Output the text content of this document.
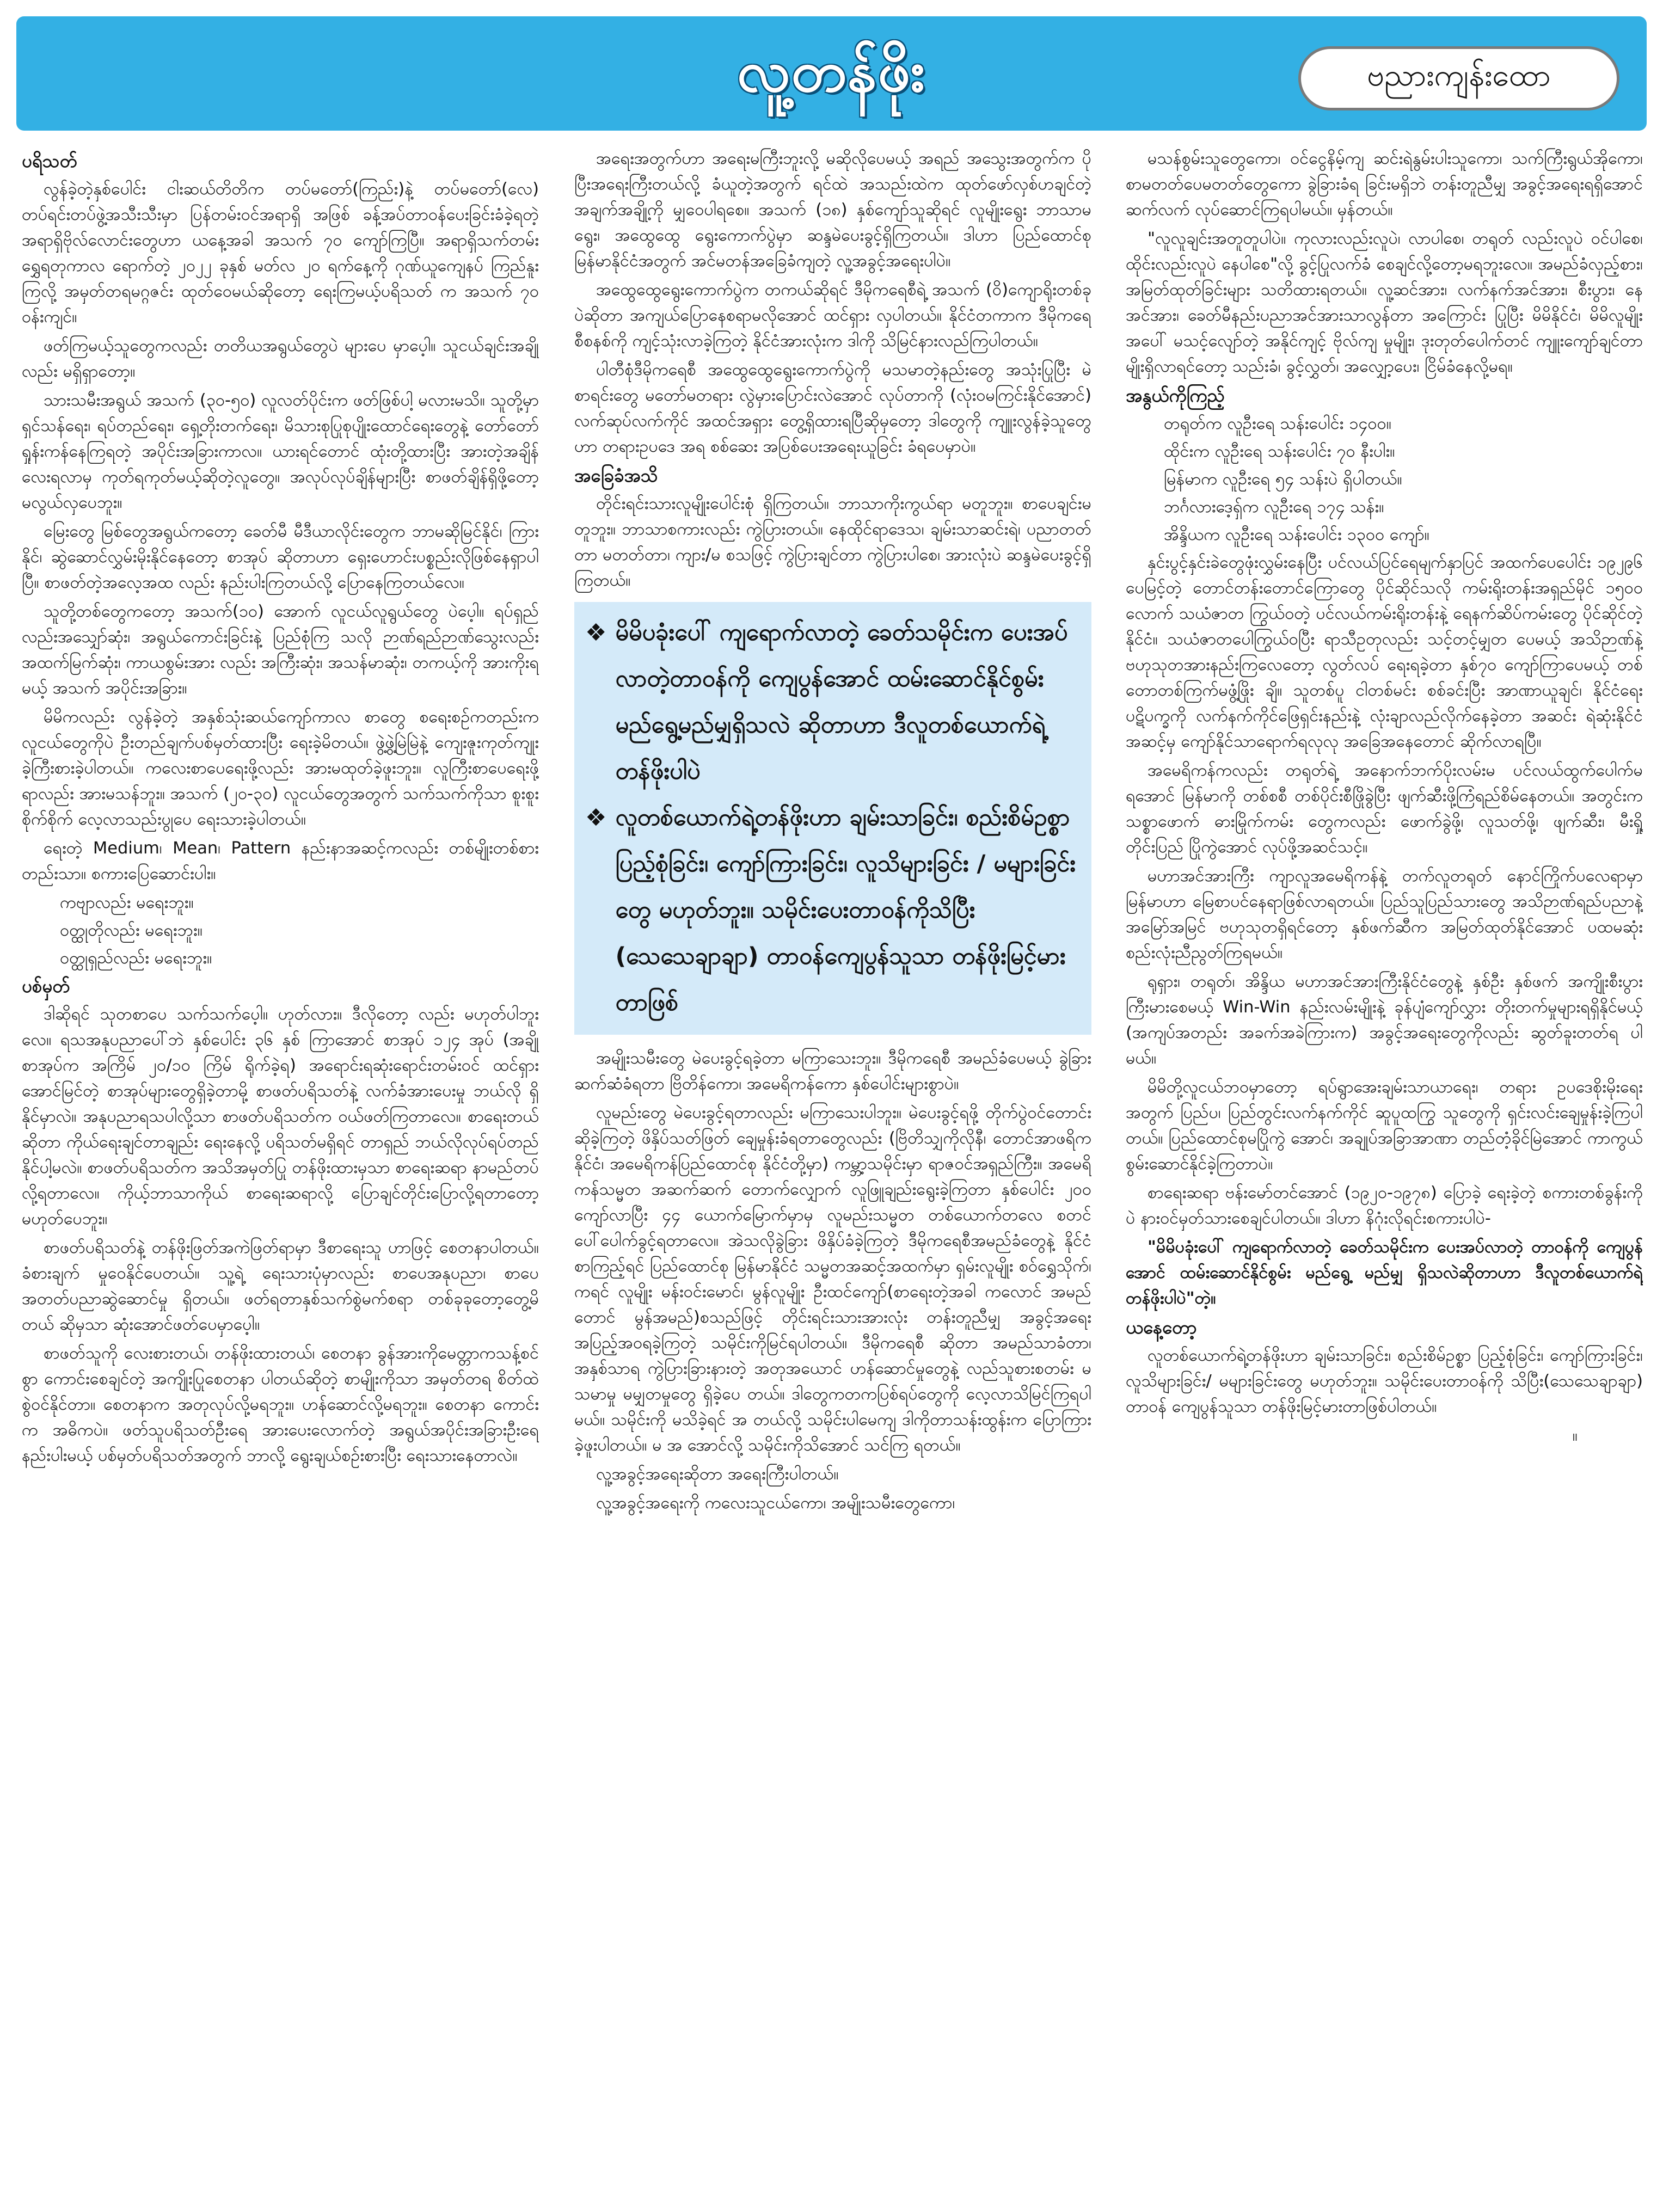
လူ့တန်ဖိုး	ဗညားကျန်းထော
ပရိသတ်

လွန်ခဲ့တဲ့နှစ်ပေါင်း ငါးဆယ်တိတိက တပ်မတော်(ကြည်း)နဲ့ တပ်မတော်(လေ) တပ်ရင်းတပ်ဖွဲ့အသီးသီးမှာ ပြန်တမ်းဝင်အရာရှိ အဖြစ် ခန့်အပ်တာဝန်ပေးခြင်းခံခဲ့ရတဲ့ အရာရှိဗိုလ်လောင်းတွေဟာ ယနေ့အခါ အသက် ၇၀ ကျော်ကြပြီ။ အရာရှိသက်တမ်း ရွှေရတုကာလ ရောက်တဲ့ ၂၀၂၂ ခုနှစ် မတ်လ ၂၀ ရက်နေ့ကို ဂုဏ်ယူကျေနပ် ကြည်နူး ကြလို့ အမှတ်တရမဂ္ဂဇင်း ထုတ်ဝေမယ်ဆိုတော့ ရေးကြမယ့်ပရိသတ် က အသက် ၇၀ ဝန်းကျင်။

ဖတ်ကြမယ့်သူတွေကလည်း တတိယအရွယ်တွေပဲ များပေ မှာပေ့ါ။ သူငယ်ချင်းအချို့လည်း မရှိရှာတော့။

သားသမီးအရွယ် အသက် (၃၀-၅၀) လူလတ်ပိုင်းက ဖတ်ဖြစ်ပါ့ မလားမသိ။ သူတို့မှာ ရှင်သန်ရေး၊ ရပ်တည်ရေး၊ ရှေ့တိုးတက်ရေး၊ မိသားစုပြုစုပျိုးထောင်ရေးတွေနဲ့ တော်တော်ရှုန်းကန်နေကြရတဲ့ အပိုင်းအခြားကာလ။ ယားရင်တောင် ထုံးတို့ထားပြီး အားတဲ့အချိန် လေးရလာမှ ကုတ်ရကုတ်မယ့်ဆိုတဲ့လူတွေ။ အလုပ်လုပ်ချိန်များပြီး စာဖတ်ချိန်ရှိဖို့တော့ မလွယ်လှပေဘူး။

မြေးတွေ မြစ်တွေအရွယ်ကတော့ ခေတ်မီ မီဒီယာလိုင်းတွေက ဘာမဆိုမြင်နိုင်၊ ကြားနိုင်၊ ဆွဲဆောင်လွှမ်းမိုးနိုင်နေတော့ စာအုပ် ဆိုတာဟာ ရှေးဟောင်းပစ္စည်းလိုဖြစ်နေရှာပါပြီ။ စာဖတ်တဲ့အလေ့အထ လည်း နည်းပါးကြတယ်လို့ ပြောနေကြတယ်လေ။

သူတို့တစ်တွေကတော့ အသက်(၁၀) အောက် လူငယ်လူရွယ်တွေ ပဲပေ့ါ။ ရပ်ရှည်လည်းအသျှော်ဆုံး၊ အရွယ်ကောင်းခြင်းနဲ့ ပြည်စုံကြ သလို ဉာဏ်ရည်ဉာဏ်သွေးလည်း အထက်မြက်ဆုံး၊ ကာယစွမ်းအား လည်း အကြီးဆုံး၊ အသန်မာဆုံး၊ တကယ့်ကို အားကိုးရမယ့် အသက် အပိုင်းအခြား။

မိမိကလည်း လွန်ခဲ့တဲ့ အနှစ်သုံးဆယ်ကျော်ကာလ စာတွေ စရေးစဉ်ကတည်းက လူငယ်တွေကိုပဲ ဦးတည်ချက်ပစ်မှတ်ထားပြီး ရေးခဲ့မိတယ်။ ဖွဲ့ဖွဲ့မြဲမြဲနဲ့ ကျေးဇူးကုတ်ကျုးခဲ့ကြီးစားခဲ့ပါတယ်။ ကလေးစာပေရေးဖို့လည်း အားမထုတ်ခဲ့ဖူးဘူး။ လူကြီးစာပေရေးဖို့ ရာလည်း အားမသန်ဘူး။ အသက် (၂၀-၃၀) လူငယ်တွေအတွက် သက်သက်ကိုသာ စူးစူးစိုက်စိုက် လေ့လာသည်းပွုပေ ရေးသားခဲ့ပါတယ်။

ရေးတဲ့ Medium၊ Mean၊ Pattern နည်းနာအဆင့်ကလည်း တစ်မျိုးတစ်စားတည်းသာ။ စကားပြေဆောင်းပါး။

ကဗျာလည်း မရေးဘူး။

ဝတ္ထုတိုလည်း မရေးဘူး။

ဝတ္ထုရှည်လည်း မရေးဘူး။

ပစ်မှတ်

ဒါဆိုရင် သုတစာပေ သက်သက်ပေ့ါ။ ဟုတ်လား။ ဒီလိုတော့ လည်း မဟုတ်ပါဘူးလေ။ ရသအနုပညာပေါ်ဘဲ နှစ်ပေါင်း ၃၆ နှစ် ကြာအောင် စာအုပ် ၁၂၄ အုပ် (အချို့စာအုပ်က အကြိမ် ၂၀/၁၀ ကြိမ် ရိုက်ခဲ့ရ) အရောင်းရဆုံးရောင်းတမ်းဝင် ထင်ရှားအောင်မြင်တဲ့ စာအုပ်များတွေရှိခဲ့တာမို့ စာဖတ်ပရိသတ်နဲ့ လက်ခံအားပေးမှု ဘယ်လို ရှိနိုင်မှာလဲ။ အနုပညာရသပါလို့သာ စာဖတ်ပရိသတ်က ဝယ်ဖတ်ကြတာလေ။ စာရေးတယ်ဆိုတာ ကိုယ်ရေးချင်တာချည်း ရေးနေလို့ ပရိသတ်မရှိရင် တာရှည် ဘယ်လိုလုပ်ရပ်တည်နိုင်ပါ့မလဲ။ စာဖတ်ပရိသတ်က အသိအမှတ်ပြု တန်ဖိုးထားမှသာ စာရေးဆရာ နာမည်တပ်လို့ရတာလေ။ ကိုယ့်ဘာသာကိုယ် စာရေးဆရာလို့ ပြောချင်တိုင်းပြောလို့ရတာတော့ မဟုတ်ပေဘူး။

စာဖတ်ပရိသတ်နဲ့ တန်ဖိုးဖြတ်အကဲဖြတ်ရာမှာ ဒီစာရေးသူ ဟာဖြင့် စေတနာပါတယ်။ ခံစားချက် မှုဝေနိုင်ပေတယ်။ သူ့ရဲ့ ရေးသားပုံမှာလည်း စာပေအနုပညာ၊ စာပေအတတ်ပညာဆွဲဆောင်မှု ရှိတယ်။ ဖတ်ရတာနှစ်သက်စွဲမက်စရာ တစ်ခုခုတော့တွေ့မိတယ် ဆိုမှသာ ဆုံးအောင်ဖတ်ပေမှာပေ့ါ။

စာဖတ်သူကို လေးစားတယ်၊ တန်ဖိုးထားတယ်၊ စေတနာ ခွန်အားကိုမေတ္တာကသန့်စင်စွာ ကောင်းစေချင်တဲ့ အကျိုးပြုစေတနာ ပါတယ်ဆိုတဲ့ စာမျိုးကိုသာ အမှတ်တရ စိတ်ထဲစွဲဝင်နိုင်တာ။ စေတနာက အတုလုပ်လို့မရဘူး။ ဟန်ဆောင်လို့မရဘူး။ စေတနာ ကောင်းက အဓိကပဲ။ ဖတ်သူပရိသတ်ဦးရေ အားပေးလောက်တဲ့ အရွယ်အပိုင်းအခြားဦးရေ နည်းပါးမယ့် ပစ်မှတ်ပရိသတ်အတွက် ဘာလို့ ရွေးချယ်စဉ်းစားပြီး ရေးသားနေတာလဲ။

အရေးအတွက်ဟာ အရေးမကြီးဘူးလို့ မဆိုလိုပေမယ့် အရည် အသွေးအတွက်က ပိုပြီးအရေးကြီးတယ်လို့ ခံယူတဲ့အတွက် ရင်ထဲ အသည်းထဲက ထုတ်ဖော်လှစ်ဟချင်တဲ့ အချက်အချို့ကို မျှဝေပါရစေ။ အသက် (၁၈) နှစ်ကျော်သူဆိုရင် လူမျိုးရွေး ဘာသာမရွေး၊ အထွေထွေ ရွေးကောက်ပွဲမှာ ဆန္ဒမဲပေးခွင့်ရှိကြတယ်။ ဒါဟာ ပြည်ထောင်စု မြန်မာနိုင်ငံအတွက် အင်မတန်အခြေခံကျတဲ့ လူ့အခွင့်အရေးပါပဲ။

အထွေထွေရွေးကောက်ပွဲက တကယ်ဆိုရင် ဒီမိုကရေစီရဲ့ အသက် (ဝိ)ကျောရိုးတစ်ခုပဲဆိုတာ အကျယ်ပြောနေစရာမလိုအောင် ထင်ရှား လှပါတယ်။ နိုင်ငံတကာက ဒီမိုကရေစီစနစ်ကို ကျင့်သုံးလာခဲ့ကြတဲ့ နိုင်ငံအားလုံးက ဒါကို သိမြင်နားလည်ကြပါတယ်။

ပါတီစုံဒီမိုကရေစီ အထွေထွေရွေးကောက်ပွဲကို မသမာတဲ့နည်းတွေ အသုံးပြုပြီး မဲစာရင်းတွေ မတော်မတရား လွဲမှားပြောင်းလဲအောင် လုပ်တာကို (လုံးဝမကြင်းနိုင်အောင်) လက်ဆုပ်လက်ကိုင် အထင်အရှား တွေ့ရှိထားရပြီဆိုမှတော့ ဒါတွေကို ကျူးလွန်ခဲ့သူတွေဟာ တရားဥပဒေ အရ စစ်ဆေး အပြစ်ပေးအရေးယူခြင်း ခံရပေမှာပဲ။

အခြေခံအသိ

တိုင်းရင်းသားလူမျိုးပေါင်းစုံ ရှိကြတယ်။ ဘာသာကိုးကွယ်ရာ မတူဘူး။ စာပေချင်းမတူဘူး။ ဘာသာစကားလည်း ကွဲပြားတယ်။ နေထိုင်ရာဒေသ၊ ချမ်းသာဆင်းရဲ၊ ပညာတတ်တာ မတတ်တာ၊ ကျား/မ စသဖြင့် ကွဲပြားချင်တာ ကွဲပြားပါစေ၊ အားလုံးပဲ ဆန္ဒမဲပေးခွင့်ရှိကြတယ်။

❖ မိမိပခုံးပေါ် ကျရောက်လာတဲ့ ခေတ်သမိုင်းက ပေးအပ်လာတဲ့တာဝန်ကို ကျေပွန်အောင် ထမ်းဆောင်နိုင်စွမ်း မည်ရွေ့မည်မျှရှိသလဲ ဆိုတာဟာ ဒီလူတစ်ယောက်ရဲ့ တန်ဖိုးပါပဲ
❖ လူတစ်ယောက်ရဲ့တန်ဖိုးဟာ ချမ်းသာခြင်း၊ စည်းစိမ်ဥစ္စာ ပြည့်စုံခြင်း၊ ကျော်ကြားခြင်း၊ လူသိများခြင်း / မများခြင်းတွေ မဟုတ်ဘူး။ သမိုင်းပေးတာဝန်ကိုသိပြီး (သေသေချာချာ) တာဝန်ကျေပွန်သူသာ တန်ဖိုးမြင့်မားတာဖြစ်

အမျိုးသမီးတွေ မဲပေးခွင့်ရခဲ့တာ မကြာသေးဘူး။ ဒီမိုကရေစီ အမည်ခံပေမယ့် ခွဲခြားဆက်ဆံခံရတာ ဗြိတိန်ကော၊ အမေရိကန်ကော နှစ်ပေါင်းများစွာပဲ။

လူမည်းတွေ မဲပေးခွင့်ရတာလည်း မကြာသေးပါဘူး။ မဲပေးခွင့်ရဖို့ တိုက်ပွဲဝင်တောင်းဆိုခဲ့ကြတဲ့ ဖိနှိပ်သတ်ဖြတ် ချေမှုန်းခံရတာတွေလည်း (ဗြိတိသျှကိုလိုနီ၊ တောင်အာဖရိကနိုင်ငံ၊ အမေရိကန်ပြည်ထောင်စု နိုင်ငံတို့မှာ) ကမ္ဘာ့သမိုင်းမှာ ရာဇဝင်အရှည်ကြီး။ အမေရိကန်သမ္မတ အဆက်ဆက် တောက်လျှောက် လူဖြူချည်းရွေးခဲ့ကြတာ နှစ်ပေါင်း ၂၀၀ ကျော်လာပြီး ၄၄ ယောက်မြောက်မှာမှ လူမည်းသမ္မတ တစ်ယောက်တလေ စတင်ပေါ်ပေါက်ခွင့်ရတာလေ။ အဲသလိုခွဲခြား ဖိနှိပ်ခံခဲ့ကြတဲ့ ဒီမိုကရေစီအမည်ခံတွေနဲ့ နိုင်ငံစာကြည့်ရင် ပြည်ထောင်စု မြန်မာနိုင်ငံ သမ္မတအဆင့်အထက်မှာ ရှမ်းလူမျိုး စဝ်ရွှေသိုက်၊ ကရင် လူမျိုး မန်းဝင်းမောင်၊ မွန်လူမျိုး ဦးထင်ကျော်(စာရေးတဲ့အခါ ကလောင် အမည်တောင် မွန်အမည်)စသည်ဖြင့် တိုင်းရင်းသားအားလုံး တန်းတူညီမျှ အခွင့်အရေးအပြည့်အဝရခဲ့ကြတဲ့ သမိုင်းကိုမြင်ရပါတယ်။ ဒီမိုကရေစီ ဆိုတာ အမည်သာခံတာ၊ အနှစ်သာရ ကွဲပြားခြားနားတဲ့ အတုအယောင် ဟန်ဆောင်မှုတွေနဲ့ လည်သူစားစတမ်း မသမာမှု မမျှတမှုတွေ ရှိခဲ့ပေ တယ်။ ဒါတွေကတကပြစ်ရပ်တွေကို လေ့လာသိမြင်ကြရပါမယ်။ သမိုင်းကို မသိခဲ့ရင် အ တယ်လို့ သမိုင်းပါမေကျ ဒါကိုတာသန်းထွန်းက ပြောကြားခဲ့ဖူးပါတယ်။ မ အ အောင်လို့ သမိုင်းကိုသိအောင် သင်ကြ ရတယ်။

လူ့အခွင့်အရေးဆိုတာ အရေးကြီးပါတယ်။

လူ့အခွင့်အရေးကို ကလေးသူငယ်ကော၊ အမျိုးသမီးတွေကော၊

မသန်စွမ်းသူတွေကော၊ ဝင်ငွေနိမ့်ကျ ဆင်းရဲနွမ်းပါးသူကော၊ သက်ကြီးရွယ်အိုကော၊ စာမတတ်ပေမတတ်တွေကော ခွဲခြားခံရ ခြင်းမရှိဘဲ တန်းတူညီမျှ အခွင့်အရေးရရှိအောင် ဆက်လက် လုပ်ဆောင်ကြရပါမယ်။ မှန်တယ်။

"လူလူချင်းအတူတူပါပဲ။ ကုလားလည်းလူပဲ၊ လာပါစေ၊ တရုတ် လည်းလူပဲ ဝင်ပါစေ၊ ထိုင်းလည်းလူပဲ နေပါစေ"လို့ ခွင့်ပြုလက်ခံ စေချင်လို့တော့မရဘူးလေ။ အမည်ခံလှည့်စား၊ အမြတ်ထုတ်ခြင်းများ သတိထားရတယ်။ လူ့ဆင်အား၊ လက်နက်အင်အား၊ စီးပွား၊ နေအင်အား၊ ခေတ်မီနည်းပညာအင်အားသာလွန်တာ အကြောင်း ပြုပြီး မိမိနိုင်ငံ၊ မိမိလူမျိုးအပေါ် မသင့်လျော်တဲ့ အနိုင်ကျင့် ဗိုလ်ကျ မှုမျိုး၊ ဒုးတုတ်ပေါက်တင် ကျူးကျော်ချင်တာမျိုးရှိလာရင်တော့ သည်းခံ၊ ခွင့်လွှတ်၊ အလျှော့ပေး၊ ငြိမ်ခံနေလို့မရ။

အနွယ်ကိုကြည့်

တရုတ်က လူဦးရေ သန်းပေါင်း ၁၄၀၀။

ထိုင်းက လူဦးရေ သန်းပေါင်း ၇၀ နီးပါး။

မြန်မာက လူဦးရေ ၅၄ သန်းပဲ ရှိပါတယ်။

ဘင်္ဂလားဒေ့ရှ်က လူဦးရေ ၁၇၄ သန်း။

အိန္ဒိယက လူဦးရေ သန်းပေါင်း ၁၃၀၀ ကျော်။

နှင်းပွင့်နှင်းခဲတွေဖုံးလွှမ်းနေပြီး ပင်လယ်ပြင်ရေမျက်နှာပြင် အထက်ပေပေါင်း ၁၉၂၉၆ ပေမြင့်တဲ့ တောင်တန်းတောင်ကြောတွေ ပိုင်ဆိုင်သလို ကမ်းရိုးတန်းအရှည်မိုင် ၁၅၀၀ လောက် သယံဇာတ ကြွယ်ဝတဲ့ ပင်လယ်ကမ်းရိုးတန်းနဲ့ ရေနက်ဆိပ်ကမ်းတွေ ပိုင်ဆိုင်တဲ့ နိုင်ငံ။ သယံဇာတပေါကြွယ်ဝပြီး ရာသီဥတုလည်း သင့်တင့်မျှတ ပေမယ့် အသိဉာဏ်နဲ့ ဗဟုသုတအားနည်းကြလေတော့ လွတ်လပ် ရေးရခဲ့တာ နှစ်၇၀ ကျော်ကြာပေမယ့် တစ်တောတစ်ကြက်မဖွံ့ဖြိုး ချိ။ သူတစ်ပူ ငါတစ်မင်း စစ်ခင်းပြီး အာဏာယူချင်၊ နိုင်ငံရေးပဋိပက္ခကို လက်နက်ကိုင်ဖြေရှင်းနည်းနဲ့ လုံးချာလည်လိုက်နေခဲ့တာ အဆင်း ရဲဆုံးနိုင်ငံအဆင့်မှ ကျော်နိုင်သာရောက်ရလုလု အခြေအနေတောင် ဆိုက်လာရပြီ။

အမေရိကန်ကလည်း တရုတ်ရဲ့ အနောက်ဘက်ပိုးလမ်းမ ပင်လယ်ထွက်ပေါက်မရအောင် မြန်မာကို တစ်စစီ တစ်ပိုင်းစီဖြိုခွဲပြီး ဖျက်ဆီးဖို့ကြံရည်စိမ်နေတယ်။ အတွင်းက သစ္စာဖောက် ဓားမြိုက်ကမ်း တွေကလည်း ဖောက်ခွဲဖို့၊ လူသတ်ဖို့၊ ဖျက်ဆီး၊ မီးရှို့ တိုင်းပြည် ပြိုကွဲအောင် လုပ်ဖို့အဆင်သင့်။

မဟာအင်အားကြီး ကျာလူအမေရိကန်နဲ့ တက်လူတရုတ် နောင်ကြိုက်ပလေရာမှာ မြန်မာဟာ မြေစာပင်နေရာဖြစ်လာရတယ်။ ပြည်သူပြည်သားတွေ အသိဉာဏ်ရည်ပညာနဲ့ အမြော်အမြင် ဗဟုသုတရှိရင်တော့ နှစ်ဖက်ဆီက အမြတ်ထုတ်နိုင်အောင် ပထမဆုံး စည်းလုံးညီညွတ်ကြရမယ်။

ရုရှား၊ တရုတ်၊ အိန္ဒိယ မဟာအင်အားကြီးနိုင်ငံတွေနဲ့ နှစ်ဦး နှစ်ဖက် အကျိုးစီးပွားကြီးမားစေမယ့် Win-Win နည်းလမ်းမျိုးနဲ့ ခုန်ပျံကျော်လွှား တိုးတက်မှုများရရှိနိုင်မယ့် (အကျပ်အတည်း အခက်အခဲကြားက) အခွင့်အရေးတွေကိုလည်း ဆွတ်ခူးတတ်ရ ပါမယ်။

မိမိတို့လူငယ်ဘဝမှာတော့ ရပ်ရွာအေးချမ်းသာယာရေး၊ တရား ဥပဒေစိုးမိုးရေးအတွက် ပြည်ပ၊ ပြည်တွင်းလက်နက်ကိုင် ဆူပူထကြွ သူတွေကို ရှင်းလင်းချေမှုန်းခဲ့ကြပါတယ်။ ပြည်ထောင်စုမပြိုကွဲ အောင်၊ အချုပ်အခြာအာဏာ တည်တံ့ခိုင်မြဲအောင် ကာကွယ် စွမ်းဆောင်နိုင်ခဲ့ကြတာပဲ။

စာရေးဆရာ ဗန်းမော်တင်အောင် (၁၉၂၀-၁၉၇၈) ပြောခဲ့ ရေးခဲ့တဲ့ စကားတစ်ခွန်းကိုပဲ နားဝင်မှတ်သားစေချင်ပါတယ်။ ဒါဟာ နိဂုံးလိုရင်းစကားပါပဲ-

"မိမိပခုံးပေါ် ကျရောက်လာတဲ့ ခေတ်သမိုင်းက ပေးအပ်လာတဲ့ တာဝန်ကို ကျေပွန်အောင် ထမ်းဆောင်နိုင်စွမ်း မည်ရွေ့ မည်မျှ ရှိသလဲဆိုတာဟာ ဒီလူတစ်ယောက်ရဲ့ တန်ဖိုးပါပဲ"တဲ့။

ယနေ့တော့

လူတစ်ယောက်ရဲ့တန်ဖိုးဟာ ချမ်းသာခြင်း၊ စည်းစိမ်ဥစ္စာ ပြည့်စုံခြင်း၊ ကျော်ကြားခြင်း၊ လူသိများခြင်း/ မများခြင်းတွေ မဟုတ်ဘူး။ သမိုင်းပေးတာဝန်ကို သိပြီး(သေသေချာချာ) တာဝန် ကျေပွန်သူသာ တန်ဖိုးမြင့်မားတာဖြစ်ပါတယ်။

။
